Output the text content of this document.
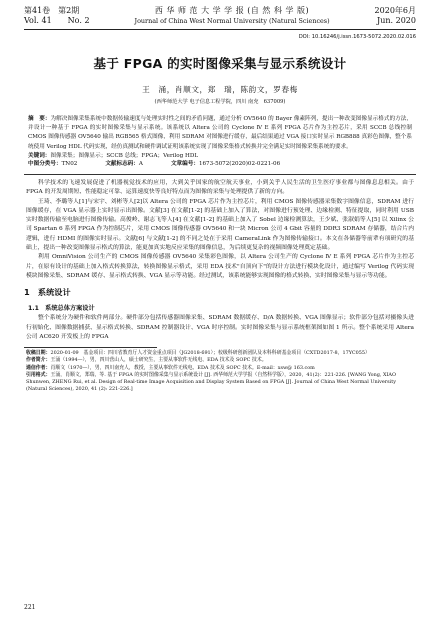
第41卷　第2期
Vol. 41　　No. 2
西 华 师 范 大 学 学 报 (自 然 科 学 版)
Journal of China West Normal University (Natural Sciences)
2020年6月
Jun. 2020
DOI: 10.16246/j.issn.1673-5072.2020.02.016
基于 FPGA 的实时图像采集与显示系统设计
王　涌，肖顺文，郑　瑞，陈韵文，罗春梅
(西华师范大学 电子信息工程学院，四川 南充　637009)
摘　要：为解决图像采集系统中数据传输速度与处理实时性之间的矛盾问题，通过分析 OV5640 的 Bayer 像素阵列，提出一种改变图像显示格式的方法，并设计一种基于 FPGA 的实时图像采集与显示系统。该系统以 Altera 公司的 Cyclone Ⅳ E 系列 FPGA 芯片作为主控芯片，采用 SCCB 总线控制 CMOS 图像传感器 OV5640 输出 RGB565 格式图像，利用 SDRAM 对图像进行缓存，最后结果通过 VGA 接口实时显示 RGB888 真彩色图像，整个系统使用 Verilog HDL 代码实现，经仿真测试和硬件调试证明该系统实现了图像采集格式转换并完全满足实时图像采集系统的要求。
关键词：图像采集；图像显示；SCCB 总线；FPGA；Verilog HDL
中图分类号：TN02	文献标志码：A	文章编号：1673-5072(2020)02-0221-06

科学技术的飞速发展促进了机器视觉技术的应用，大到关乎国家的航空航天事业，小到关乎人民生活的卫生医疗事业都与图像息息相关。由于 FPGA 的开发周期短、性能稳定可靠、运算速度快等良好特点而为图像的采集与处理提供了新的方向。

王琦、李璐等人[1]与宋宇、刘彬等人[2]以 Altera 公司的 FPGA 芯片作为主控芯片，利用 CMOS 图像传感器采集数字图像信息，SDRAM 进行图像缓存，在 VGA 显示器上实时显示出图像。文献[3] 在文献[1-2] 的基础上加入了算法，对图像进行预处理、边缘检测、特征提取，同时利用 USB 实时数据传输至电脑进行图像传输。高俊岭、谢志飞等人[4] 在文献[1-2] 的基础上加入了 Sobel 边缘检测算法，王少斌、张淑娟等人[5] 以 Xilinx 公司 Spartan 6 系列 FPGA 作为控制芯片，采用 CMOS 图像传感器 OV5640 和一块 Micron 公司 4 Gbit 容量的 DDR3 SDRAM 存储器，结合片内逻辑，进行 HDMI 的图像实时显示。文献[6] 与文献[1-2] 的不同之处在于采用 CameraLink 作为图像传输接口。本文在各储器等前辈有项研究的基础上，提出一种改变图像显示格式的算法，能更加真实地反应采集的图像信息，为后续更复杂的视频图像处理奠定基础。

利用 OmniVision 公司生产的 CMOS 图像传感器 OV5640 采集彩色图像，以 Altera 公司生产的 Cyclone Ⅳ E 系列 FPGA 芯片作为主控芯片，在原有设计的基础上加入格式转换算法，转换图像显示格式，采用 EDA 技术"自顶向下"的设计方法进行模块化设计，通过编写 Verilog 代码实现模块图像采集、SDRAM 缓存、显示格式转换、VGA 显示等功能。经过测试，该系统能够实现图像的格式转换、实时图像采集与显示等功能。

1　系统设计
1.1　系统总体方案设计

整个系统分为硬件和软件两部分。硬件部分包括传感器图像采集、SDRAM 数据缓存、D/A 数据转换、VGA 图像显示；软件部分包括对摄像头进行初始化、图像数据捕获、显示格式转换、SDRAM 控制器设计、VGA 时序控制。实时图像采集与显示系统框架图如图 1 所示。整个系统采用 Altera 公司 AC620 开发板上的 FPGA

收稿日期：2020-01-09　基金项目：四川省教育厅人才资金重点项目（JG2018-691）；校级科研创新团队及本科科研基金项目（CXTD2017-8，17YC055）
作者简介：王涌（1994—），男，四川营山人，硕士研究生，主要从事软件无线电、EDA 技术及 SOPC 技术。
通信作者：肖顺文（1970—），男，四川南充人，教授，主要从事软件无线电、EDA 技术及 SOPC 技术。E-mail：xsw@ 163.com
引用格式：王涌，肖顺文，郑瑞，等. 基于 FPGA 的实时图像采集与显示系统设计 [J]. 西华师范大学学报（自然科学版），2020，41(2)：221-226. [WANG Yong, XIAO Shunwen, ZHENG Rui, et al. Design of Real-time Image Acquisition and Display System Based on FPGA [J]. Journal of China West Normal University (Natural Sciences), 2020, 41 (2): 221-226.]
221
